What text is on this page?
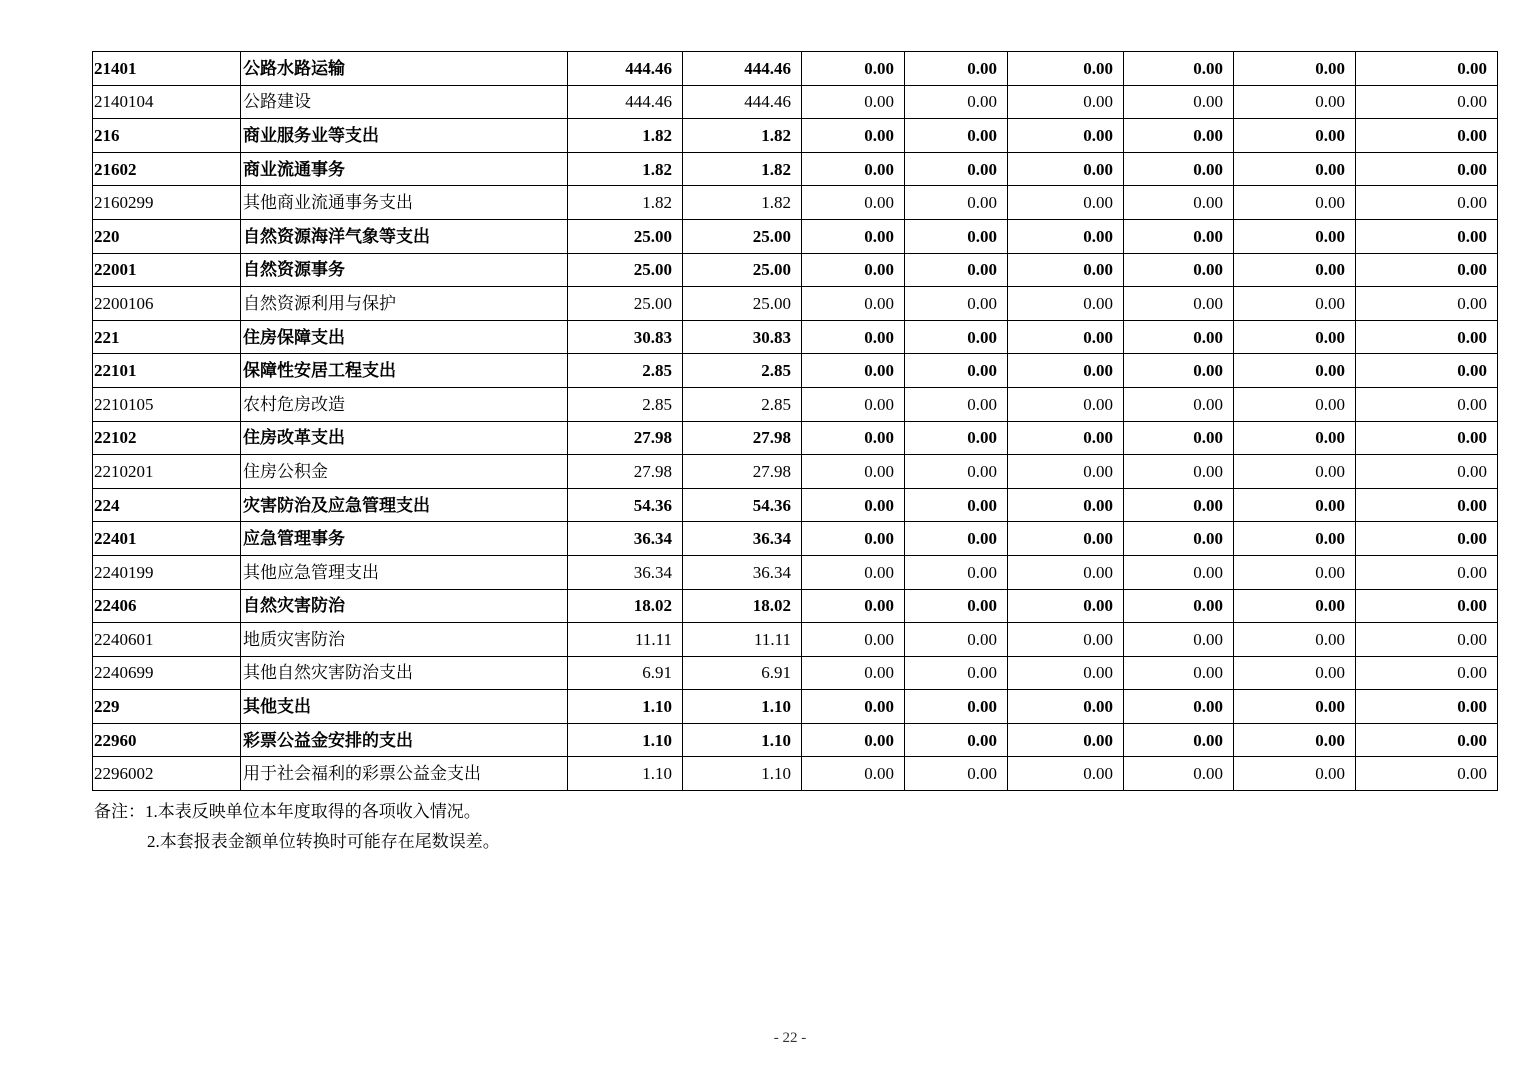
21401	公路水路运输	444.46	444.46	0.00	0.00	0.00	0.00	0.00	0.00
2140104	公路建设	444.46	444.46	0.00	0.00	0.00	0.00	0.00	0.00
216	商业服务业等支出	1.82	1.82	0.00	0.00	0.00	0.00	0.00	0.00
21602	商业流通事务	1.82	1.82	0.00	0.00	0.00	0.00	0.00	0.00
2160299	其他商业流通事务支出	1.82	1.82	0.00	0.00	0.00	0.00	0.00	0.00
220	自然资源海洋气象等支出	25.00	25.00	0.00	0.00	0.00	0.00	0.00	0.00
22001	自然资源事务	25.00	25.00	0.00	0.00	0.00	0.00	0.00	0.00
2200106	自然资源利用与保护	25.00	25.00	0.00	0.00	0.00	0.00	0.00	0.00
221	住房保障支出	30.83	30.83	0.00	0.00	0.00	0.00	0.00	0.00
22101	保障性安居工程支出	2.85	2.85	0.00	0.00	0.00	0.00	0.00	0.00
2210105	农村危房改造	2.85	2.85	0.00	0.00	0.00	0.00	0.00	0.00
22102	住房改革支出	27.98	27.98	0.00	0.00	0.00	0.00	0.00	0.00
2210201	住房公积金	27.98	27.98	0.00	0.00	0.00	0.00	0.00	0.00
224	灾害防治及应急管理支出	54.36	54.36	0.00	0.00	0.00	0.00	0.00	0.00
22401	应急管理事务	36.34	36.34	0.00	0.00	0.00	0.00	0.00	0.00
2240199	其他应急管理支出	36.34	36.34	0.00	0.00	0.00	0.00	0.00	0.00
22406	自然灾害防治	18.02	18.02	0.00	0.00	0.00	0.00	0.00	0.00
2240601	地质灾害防治	11.11	11.11	0.00	0.00	0.00	0.00	0.00	0.00
2240699	其他自然灾害防治支出	6.91	6.91	0.00	0.00	0.00	0.00	0.00	0.00
229	其他支出	1.10	1.10	0.00	0.00	0.00	0.00	0.00	0.00
22960	彩票公益金安排的支出	1.10	1.10	0.00	0.00	0.00	0.00	0.00	0.00
2296002	用于社会福利的彩票公益金支出	1.10	1.10	0.00	0.00	0.00	0.00	0.00	0.00
备注：1.本表反映单位本年度取得的各项收入情况。
2.本套报表金额单位转换时可能存在尾数误差。
- 22 -
